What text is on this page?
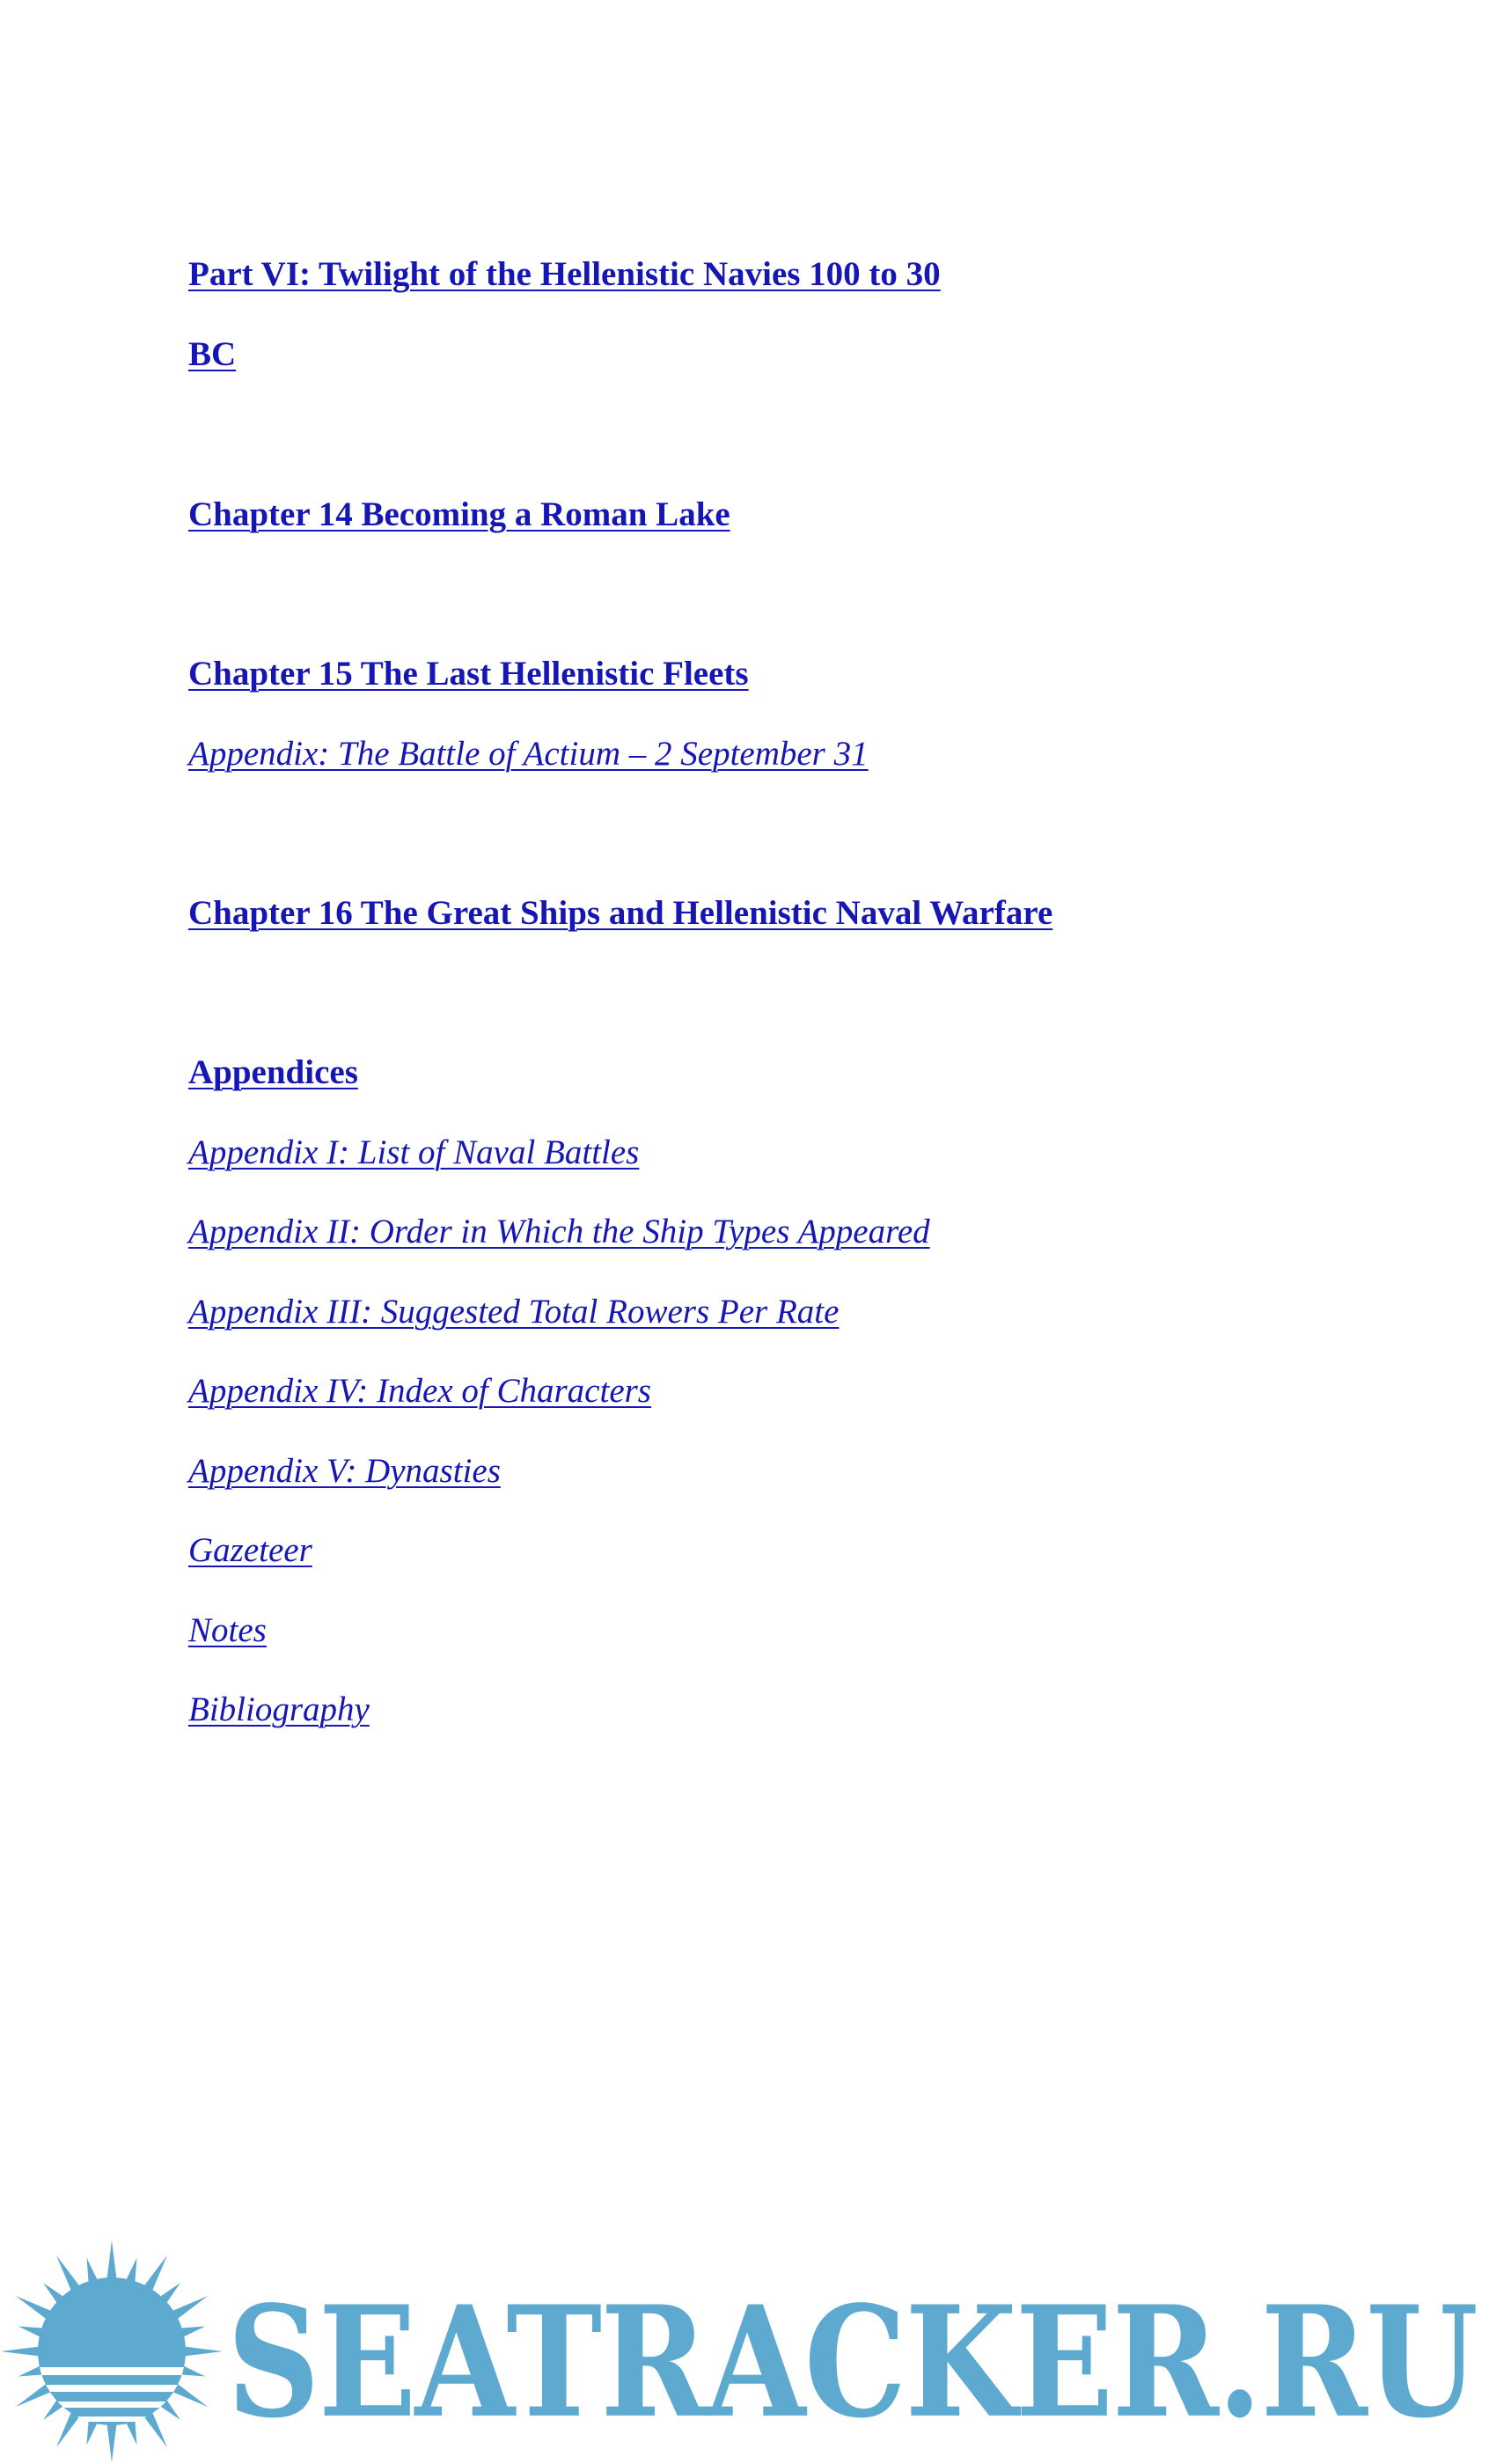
Part VI: Twilight of the Hellenistic Navies 100 to 30
BC
Chapter 14 Becoming a Roman Lake
Chapter 15 The Last Hellenistic Fleets
Appendix: The Battle of Actium – 2 September 31
Chapter 16 The Great Ships and Hellenistic Naval Warfare
Appendices
Appendix I: List of Naval Battles
Appendix II: Order in Which the Ship Types Appeared
Appendix III: Suggested Total Rowers Per Rate
Appendix IV: Index of Characters
Appendix V: Dynasties
Gazeteer
Notes
Bibliography
SEATRACKER.RU
